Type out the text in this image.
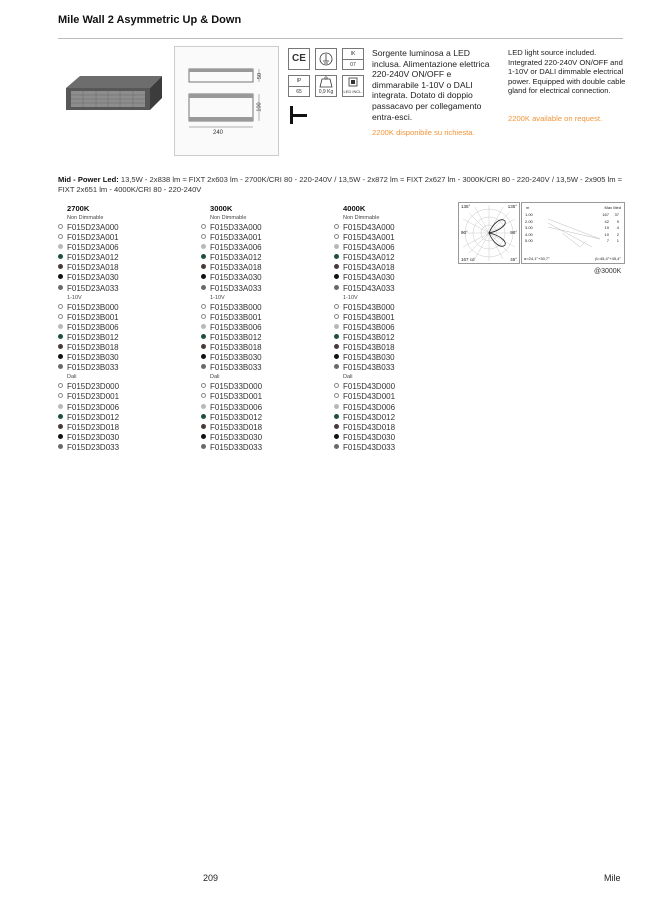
Mile Wall 2 Asymmetric Up & Down
240
50
100
CE	IK
07
IP
65	0,9 Kg	LED INCL.
Sorgente luminosa a LED inclusa. Alimentazione elettrica 220-240V ON/OFF e dimmarabile 1-10V o DALI integrata. Dotato di doppio passacavo per collegamento entra-esci.
2200K disponibile su richiesta.
LED light source included. Integrated 220-240V ON/OFF and 1-10V or DALI dimmable electrical power. Equipped with double cable gland for electrical connection.
2200K available on request.
Mid - Power Led: 13,5W - 2x838 lm ≈ FIXT 2x603 lm - 2700K/CRI 80 - 220-240V / 13,5W - 2x872 lm ≈ FIXT 2x627 lm - 3000K/CRI 80 - 220-240V / 13,5W - 2x905 lm ≈ FIXT 2x651 lm - 4000K/CRI 80 - 220-240V
2700K
Non Dimmable
F015D23A000
F015D23A001
F015D23A006
F015D23A012
F015D23A018
F015D23A030
F015D23A033
1-10V
F015D23B000
F015D23B001
F015D23B006
F015D23B012
F015D23B018
F015D23B030
F015D23B033
Dali
F015D23D000
F015D23D001
F015D23D006
F015D23D012
F015D23D018
F015D23D030
F015D23D033
3000K
Non Dimmable
F015D33A000
F015D33A001
F015D33A006
F015D33A012
F015D33A018
F015D33A030
F015D33A033
1-10V
F015D33B000
F015D33B001
F015D33B006
F015D33B012
F015D33B018
F015D33B030
F015D33B033
Dali
F015D33D000
F015D33D001
F015D33D006
F015D33D012
F015D33D018
F015D33D030
F015D33D033
4000K
Non Dimmable
F015D43A000
F015D43A001
F015D43A006
F015D43A012
F015D43A018
F015D43A030
F015D43A033
1-10V
F015D43B000
F015D43B001
F015D43B006
F015D43B012
F015D43B018
F015D43B030
F015D43B033
Dali
F015D43D000
F015D43D001
F015D43D006
F015D43D012
F015D43D018
F015D43D030
F015D43D033
135°	135°
90°	90°
167 cd	45°
m	Max Med
1.00	167 37
2.00	42 9
3.00	19 4
4.00	10 2
5.00	7 1
α=24,1°+30,7°	β=45,4°+45,4°
@3000K
209	Mile
